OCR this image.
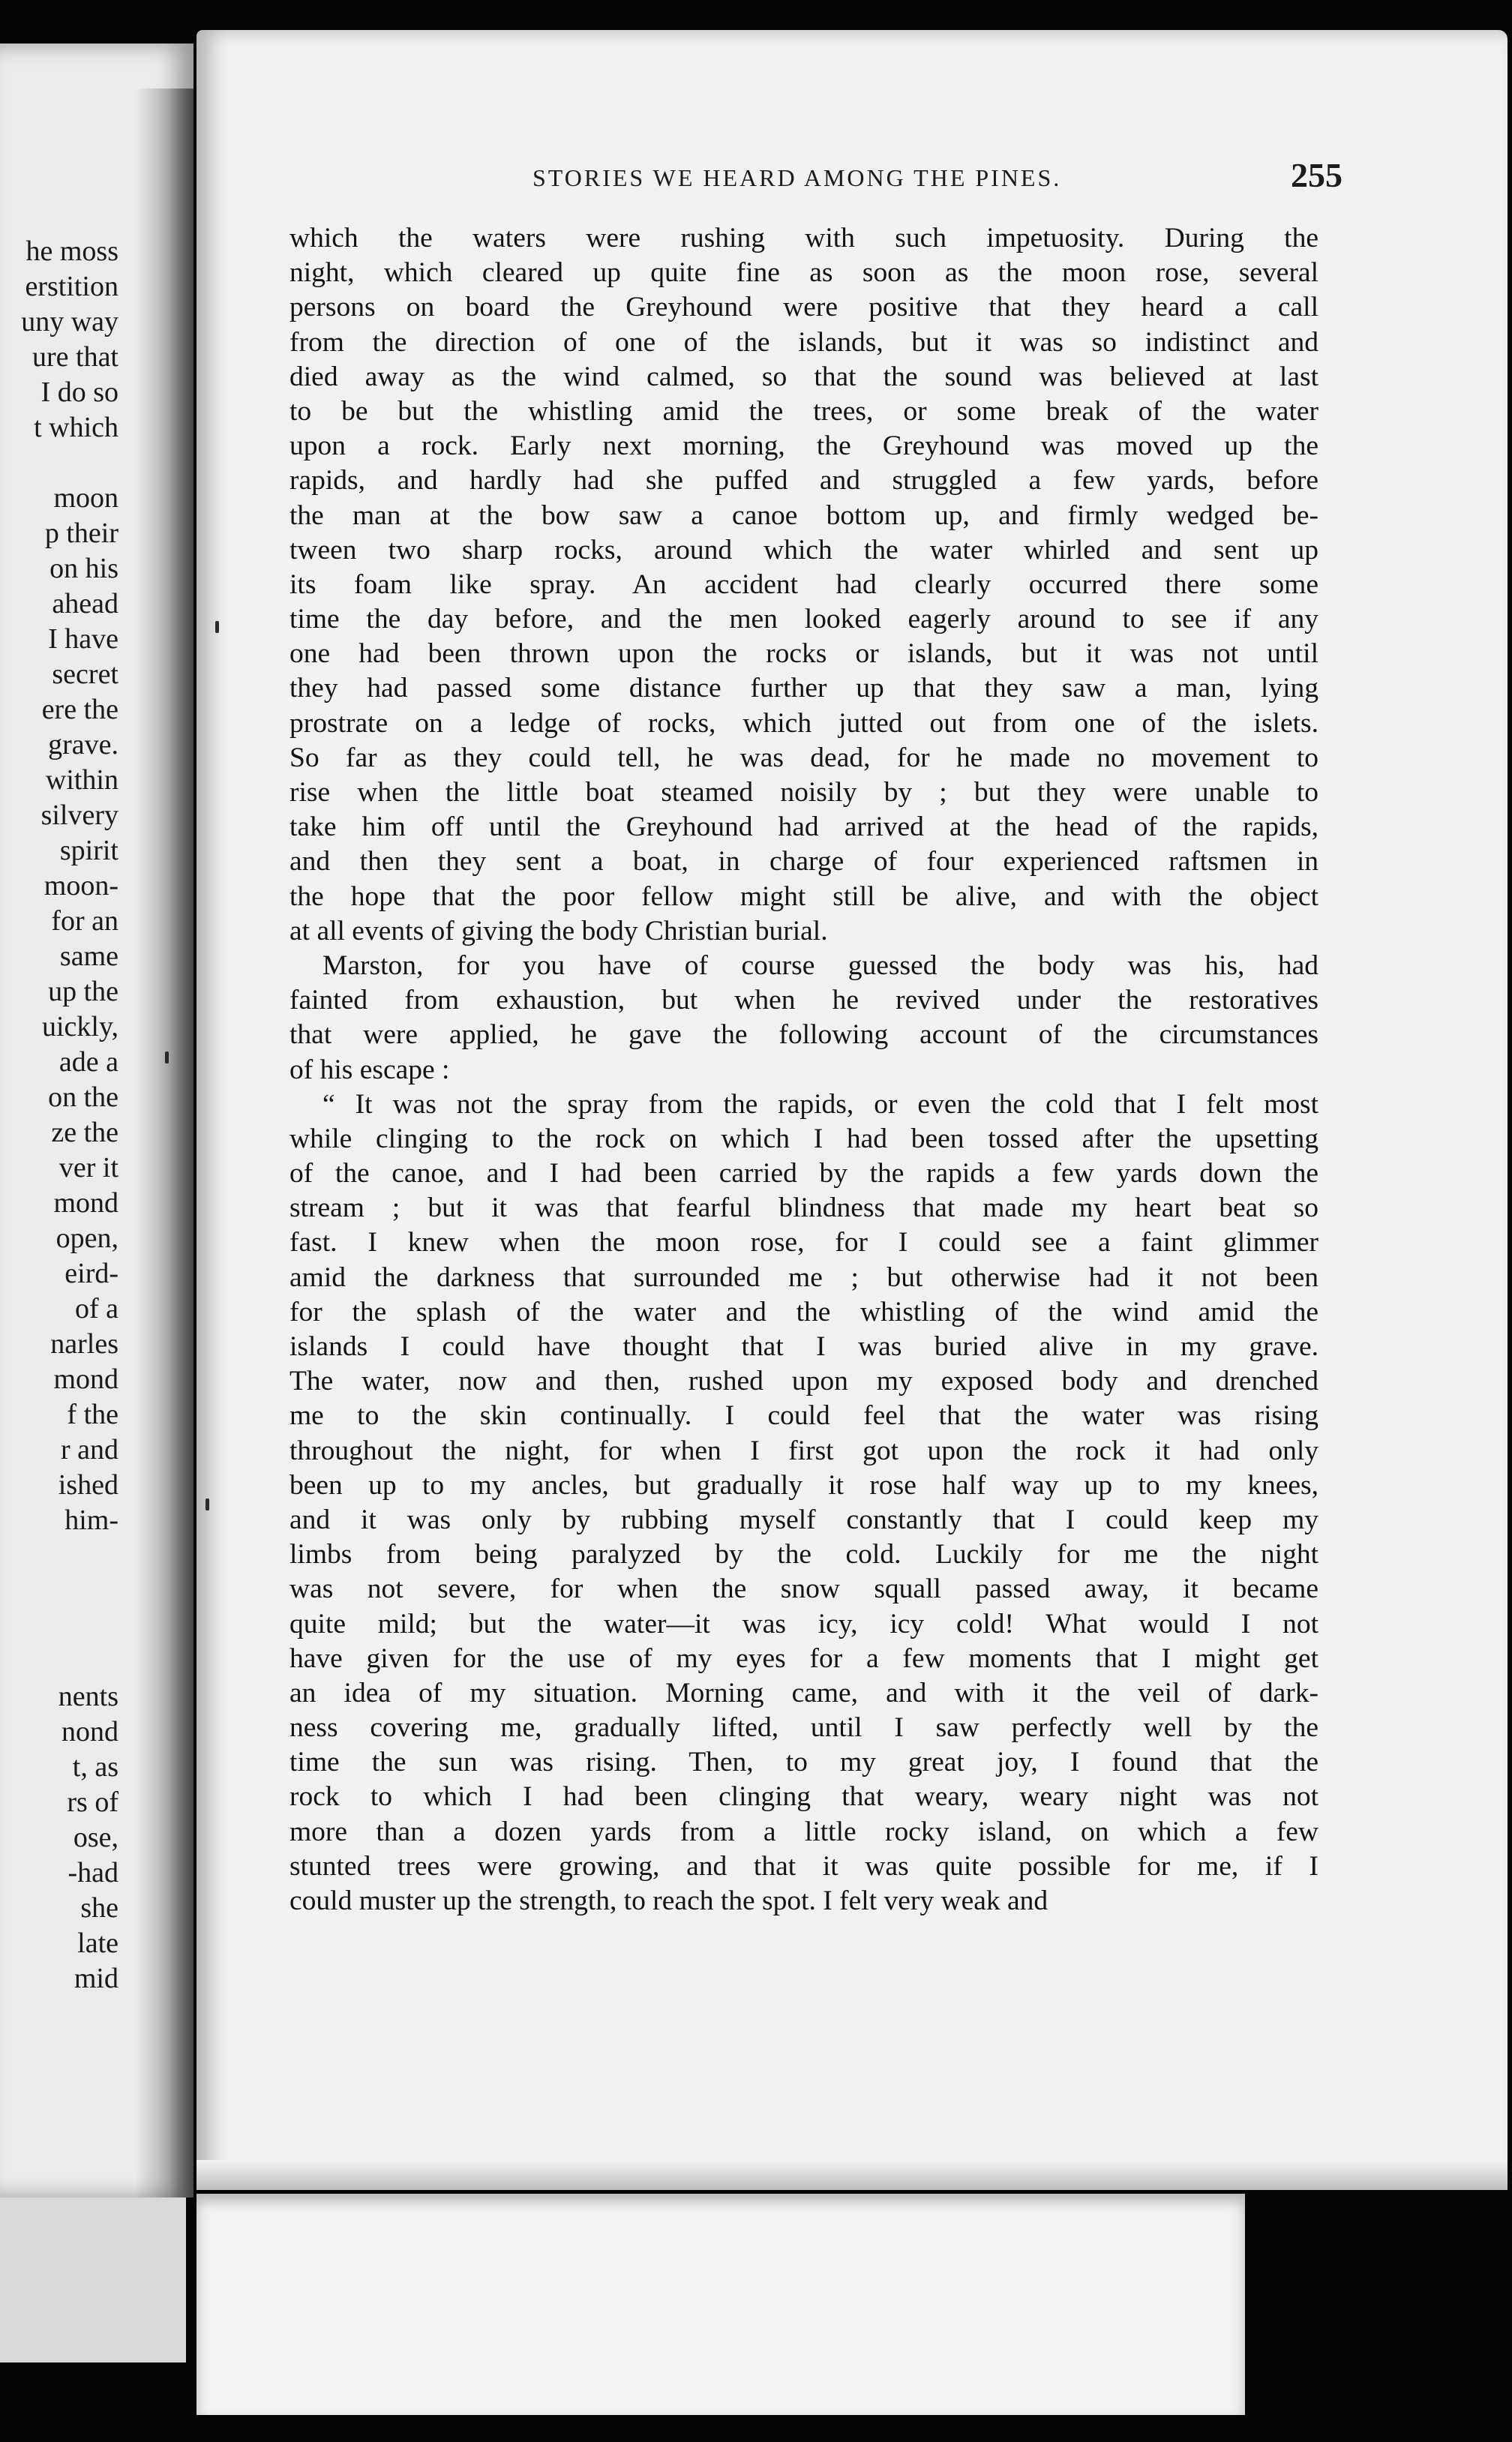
he moss
erstition
uny way
ure that
I do so
t which
moon
p their
on his
ahead
I have
secret
ere the
grave.
within
silvery
spirit
moon-
for an
same
up the
uickly,
ade a
on the
ze the
ver it
mond
open,
eird-
of a
narles
mond
f the
r and
ished
him-
nents
nond
t, as
rs of
ose,
-had
she
late
mid
STORIES WE HEARD AMONG THE PINES.	255
which the waters were rushing with such impetuosity. During the
night, which cleared up quite fine as soon as the moon rose, several
persons on board the Greyhound were positive that they heard a call
from the direction of one of the islands, but it was so indistinct and
died away as the wind calmed, so that the sound was believed at last
to be but the whistling amid the trees, or some break of the water
upon a rock. Early next morning, the Greyhound was moved up the
rapids, and hardly had she puffed and struggled a few yards, before
the man at the bow saw a canoe bottom up, and firmly wedged be-
tween two sharp rocks, around which the water whirled and sent up
its foam like spray. An accident had clearly occurred there some
time the day before, and the men looked eagerly around to see if any
one had been thrown upon the rocks or islands, but it was not until
they had passed some distance further up that they saw a man, lying
prostrate on a ledge of rocks, which jutted out from one of the islets.
So far as they could tell, he was dead, for he made no movement to
rise when the little boat steamed noisily by ; but they were unable to
take him off until the Greyhound had arrived at the head of the rapids,
and then they sent a boat, in charge of four experienced raftsmen in
the hope that the poor fellow might still be alive, and with the object
at all events of giving the body Christian burial.
Marston, for you have of course guessed the body was his, had
fainted from exhaustion, but when he revived under the restoratives
that were applied, he gave the following account of the circumstances
of his escape :
“ It was not the spray from the rapids, or even the cold that I felt most
while clinging to the rock on which I had been tossed after the upsetting
of the canoe, and I had been carried by the rapids a few yards down the
stream ; but it was that fearful blindness that made my heart beat so
fast. I knew when the moon rose, for I could see a faint glimmer
amid the darkness that surrounded me ; but otherwise had it not been
for the splash of the water and the whistling of the wind amid the
islands I could have thought that I was buried alive in my grave.
The water, now and then, rushed upon my exposed body and drenched
me to the skin continually. I could feel that the water was rising
throughout the night, for when I first got upon the rock it had only
been up to my ancles, but gradually it rose half way up to my knees,
and it was only by rubbing myself constantly that I could keep my
limbs from being paralyzed by the cold. Luckily for me the night
was not severe, for when the snow squall passed away, it became
quite mild; but the water—it was icy, icy cold! What would I not
have given for the use of my eyes for a few moments that I might get
an idea of my situation. Morning came, and with it the veil of dark-
ness covering me, gradually lifted, until I saw perfectly well by the
time the sun was rising. Then, to my great joy, I found that the
rock to which I had been clinging that weary, weary night was not
more than a dozen yards from a little rocky island, on which a few
stunted trees were growing, and that it was quite possible for me, if I
could muster up the strength, to reach the spot. I felt very weak and
